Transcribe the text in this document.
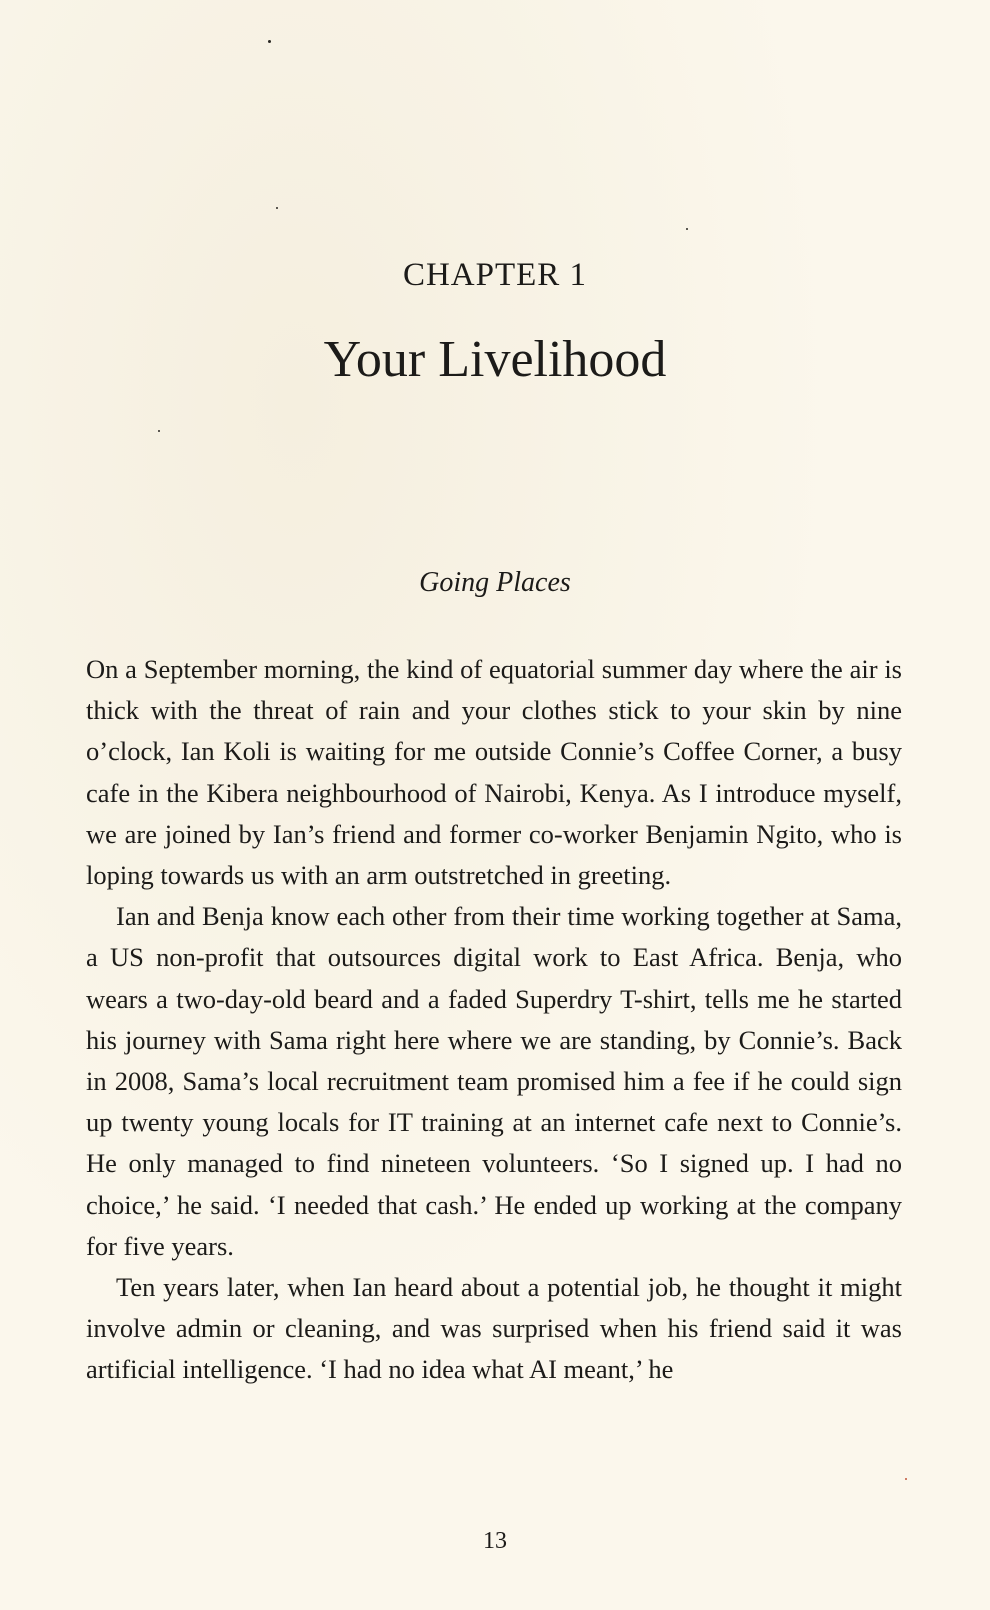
CHAPTER 1
Your Livelihood
Going Places

On a September morning, the kind of equatorial summer day where the air is thick with the threat of rain and your clothes stick to your skin by nine o’clock, Ian Koli is waiting for me outside Connie’s Coffee Corner, a busy cafe in the Kibera neighbourhood of Nairobi, Kenya. As I introduce myself, we are joined by Ian’s friend and former co-worker Benjamin Ngito, who is loping towards us with an arm outstretched in greeting.

Ian and Benja know each other from their time working together at Sama, a US non-profit that outsources digital work to East Africa. Benja, who wears a two-day-old beard and a faded Superdry T-shirt, tells me he started his journey with Sama right here where we are standing, by Connie’s. Back in 2008, Sama’s local recruitment team promised him a fee if he could sign up twenty young locals for IT training at an internet cafe next to Connie’s. He only managed to find nineteen volunteers. ‘So I signed up. I had no choice,’ he said. ‘I needed that cash.’ He ended up working at the company for five years.

Ten years later, when Ian heard about a potential job, he thought it might involve admin or cleaning, and was surprised when his friend said it was artificial intelligence. ‘I had no idea what AI meant,’ he

13
